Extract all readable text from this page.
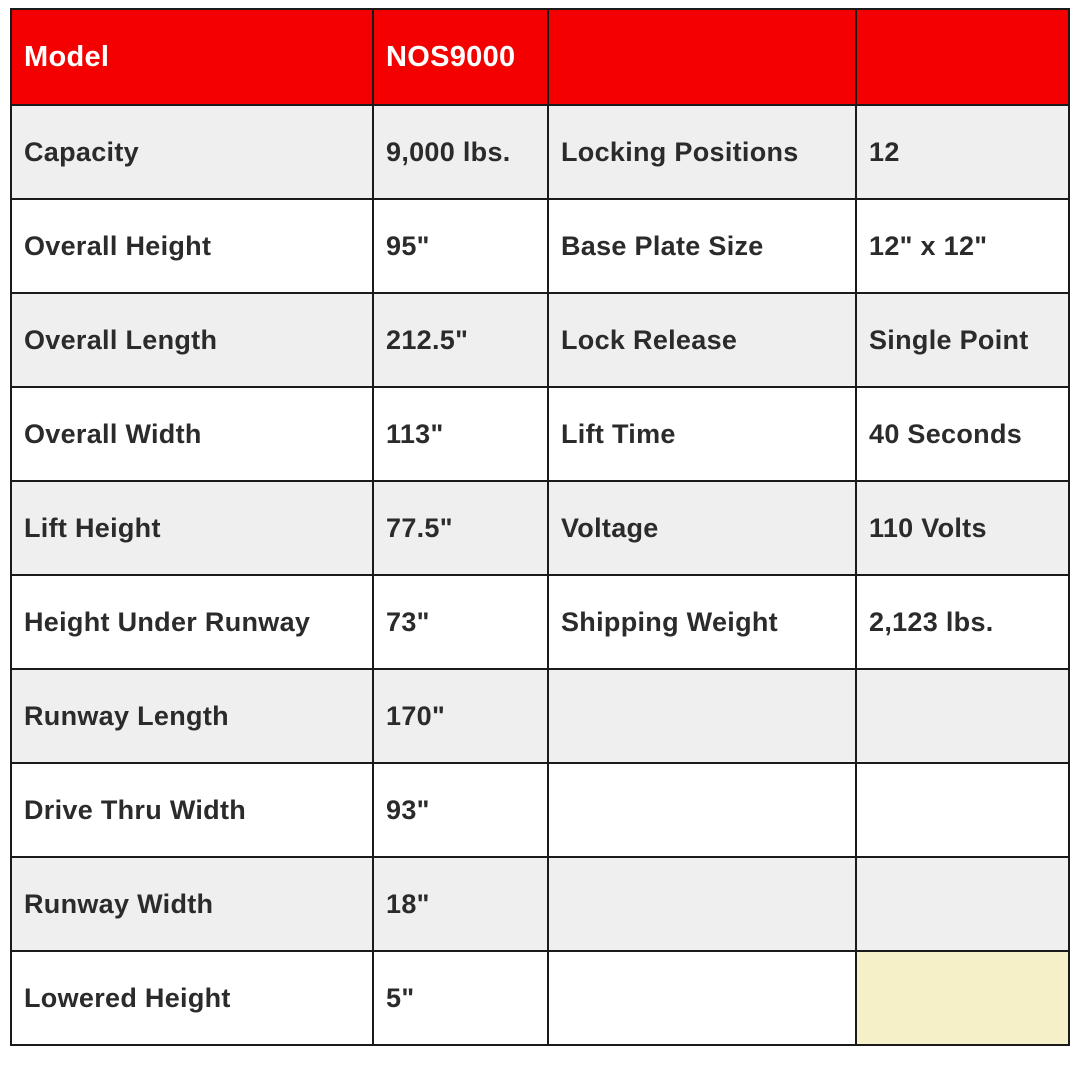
Model	NOS9000		
Capacity	9,000 lbs.	Locking Positions	12
Overall Height	95"	Base Plate Size	12" x 12"
Overall Length	212.5"	Lock Release	Single Point
Overall Width	113"	Lift Time	40 Seconds
Lift Height	77.5"	Voltage	110 Volts
Height Under Runway	73"	Shipping Weight	2,123 lbs.
Runway Length	170"		
Drive Thru Width	93"		
Runway Width	18"		
Lowered Height	5"		
